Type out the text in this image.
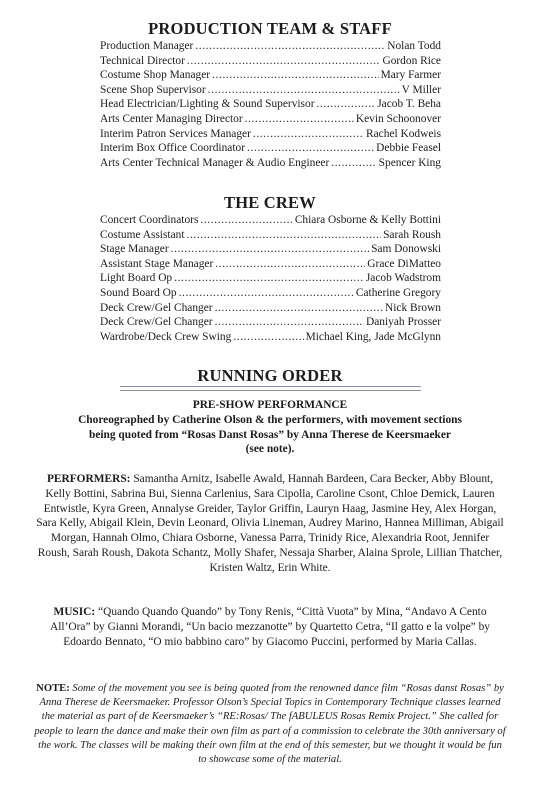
PRODUCTION TEAM & STAFF
Production Manager .....	Nolan Todd
Technical Director .....	Gordon Rice
Costume Shop Manager .....	Mary Farmer
Scene Shop Supervisor .....	V Miller
Head Electrician/Lighting & Sound Supervisor .....	Jacob T. Beha
Arts Center Managing Director .....	Kevin Schoonover
Interim Patron Services Manager .....	Rachel Kodweis
Interim Box Office Coordinator .....	Debbie Feasel
Arts Center Technical Manager & Audio Engineer .....	Spencer King
THE CREW
Concert Coordinators .....	Chiara Osborne & Kelly Bottini
Costume Assistant .....	Sarah Roush
Stage Manager .....	Sam Donowski
Assistant Stage Manager .....	Grace DiMatteo
Light Board Op .....	Jacob Wadstrom
Sound Board Op .....	Catherine Gregory
Deck Crew/Gel Changer .....	Nick Brown
Deck Crew/Gel Changer .....	Daniyah Prosser
Wardrobe/Deck Crew Swing .....	Michael King, Jade McGlynn
RUNNING ORDER
PRE-SHOW PERFORMANCE
Choreographed by Catherine Olson & the performers, with movement sections
being quoted from “Rosas Danst Rosas” by Anna Therese de Keersmaeker
(see note).
PERFORMERS: Samantha Arnitz, Isabelle Awald, Hannah Bardeen, Cara Becker, Abby Blount, Kelly Bottini, Sabrina Bui, Sienna Carlenius, Sara Cipolla, Caroline Csont, Chloe Demick, Lauren Entwistle, Kyra Green, Annalyse Greider, Taylor Griffin, Lauryn Haag, Jasmine Hey, Alex Horgan, Sara Kelly, Abigail Klein, Devin Leonard, Olivia Lineman, Audrey Marino, Hannea Milliman, Abigail Morgan, Hannah Olmo, Chiara Osborne, Vanessa Parra, Trinidy Rice, Alexandria Root, Jennifer Roush, Sarah Roush, Dakota Schantz, Molly Shafer, Nessaja Sharber, Alaina Sprole, Lillian Thatcher, Kristen Waltz, Erin White.
MUSIC: “Quando Quando Quando” by Tony Renis, “Città Vuota” by Mina, “Andavo A Cento All’Ora” by Gianni Morandi, “Un bacio mezzanotte” by Quartetto Cetra, “Il gatto e la volpe” by Edoardo Bennato, “O mio babbino caro” by Giacomo Puccini, performed by Maria Callas.
NOTE: Some of the movement you see is being quoted from the renowned dance film “Rosas danst Rosas” by Anna Therese de Keersmaeker. Professor Olson’s Special Topics in Contemporary Technique classes learned the material as part of de Keersmaeker’s “RE:Rosas/ The fABULEUS Rosas Remix Project.” She called for people to learn the dance and make their own film as part of a commission to celebrate the 30th anniversary of the work. The classes will be making their own film at the end of this semester, but we thought it would be fun to showcase some of the material.
